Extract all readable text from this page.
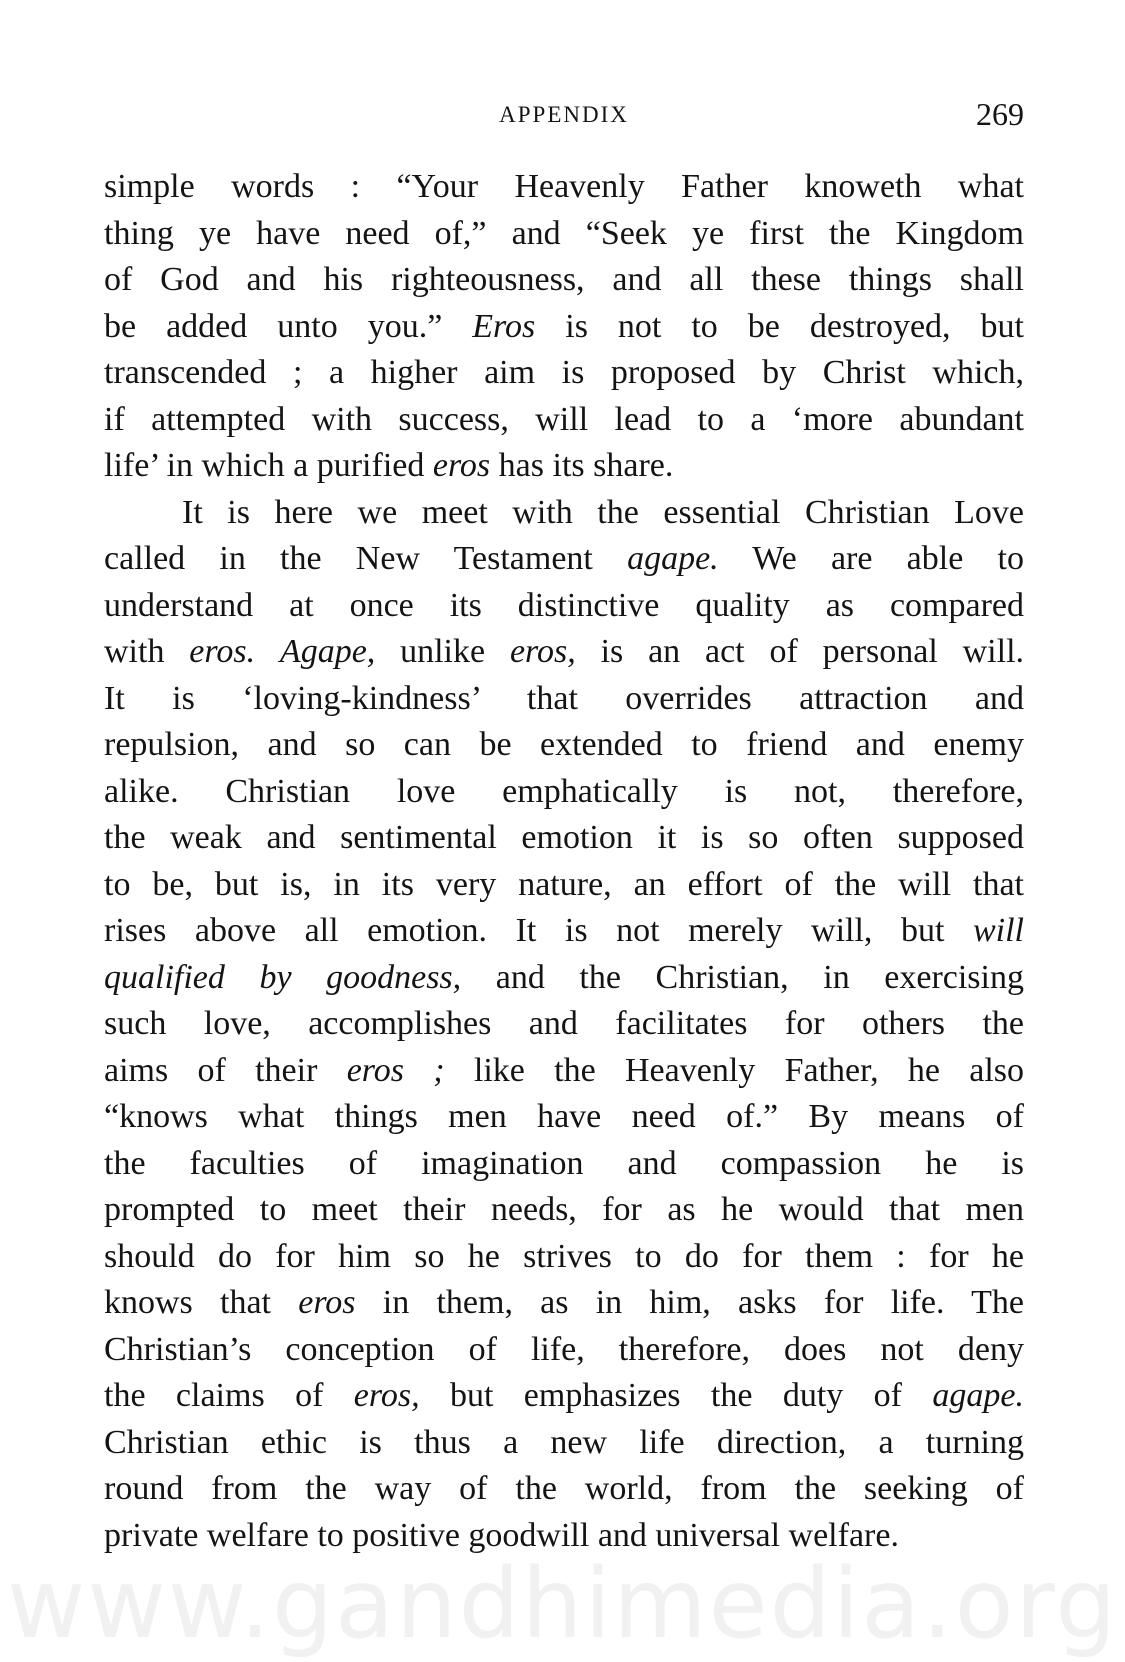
APPENDIX	269
simple words : “Your Heavenly Father knoweth what
thing ye have need of,” and “Seek ye first the Kingdom
of God and his righteousness, and all these things shall
be added unto you.” Eros is not to be destroyed, but
transcended ; a higher aim is proposed by Christ which,
if attempted with success, will lead to a ‘more abundant
life’ in which a purified eros has its share.
It is here we meet with the essential Christian Love
called in the New Testament agape. We are able to
understand at once its distinctive quality as compared
with eros. Agape, unlike eros, is an act of personal will.
It is ‘loving-kindness’ that overrides attraction and
repulsion, and so can be extended to friend and enemy
alike. Christian love emphatically is not, therefore,
the weak and sentimental emotion it is so often supposed
to be, but is, in its very nature, an effort of the will that
rises above all emotion. It is not merely will, but will
qualified by goodness, and the Christian, in exercising
such love, accomplishes and facilitates for others the
aims of their eros ; like the Heavenly Father, he also
“knows what things men have need of.” By means of
the faculties of imagination and compassion he is
prompted to meet their needs, for as he would that men
should do for him so he strives to do for them : for he
knows that eros in them, as in him, asks for life. The
Christian’s conception of life, therefore, does not deny
the claims of eros, but emphasizes the duty of agape.
Christian ethic is thus a new life direction, a turning
round from the way of the world, from the seeking of
private welfare to positive goodwill and universal welfare.
www.gandhimedia.org
